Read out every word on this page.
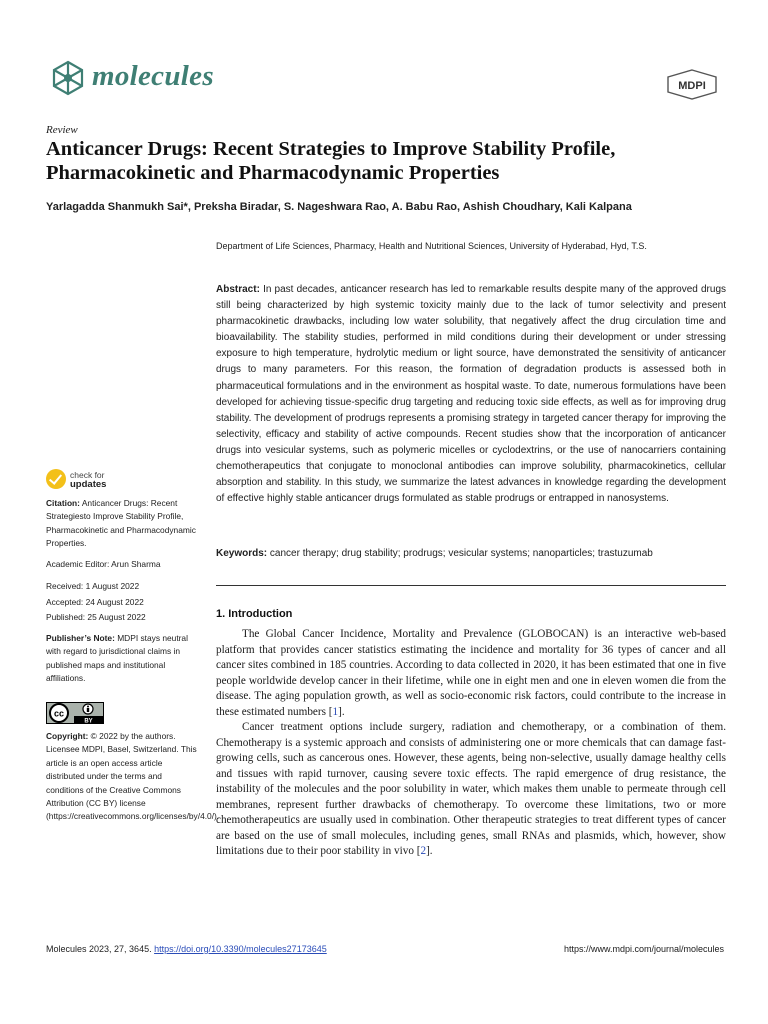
molecules	MDPI
Review
Anticancer Drugs: Recent Strategies to Improve Stability Profile, Pharmacokinetic and Pharmacodynamic Properties
Yarlagadda Shanmukh Sai*, Preksha Biradar, S. Nageshwara Rao, A. Babu Rao, Ashish Choudhary, Kali Kalpana
Department of Life Sciences, Pharmacy, Health and Nutritional Sciences, University of Hyderabad, Hyd, T.S.
Abstract: In past decades, anticancer research has led to remarkable results despite many of the approved drugs still being characterized by high systemic toxicity mainly due to the lack of tumor selectivity and present pharmacokinetic drawbacks, including low water solubility, that negatively affect the drug circulation time and bioavailability. The stability studies, performed in mild conditions during their development or under stressing exposure to high temperature, hydrolytic medium or light source, have demonstrated the sensitivity of anticancer drugs to many parameters. For this reason, the formation of degradation products is assessed both in pharmaceutical formulations and in the environment as hospital waste. To date, numerous formulations have been developed for achieving tissue-specific drug targeting and reducing toxic side effects, as well as for improving drug stability. The development of prodrugs represents a promising strategy in targeted cancer therapy for improving the selectivity, efficacy and stability of active compounds. Recent studies show that the incorporation of anticancer drugs into vesicular systems, such as polymeric micelles or cyclodextrins, or the use of nanocarriers containing chemotherapeutics that conjugate to monoclonal antibodies can improve solubility, pharmacokinetics, cellular absorption and stability. In this study, we summarize the latest advances in knowledge regarding the development of effective highly stable anticancer drugs formulated as stable prodrugs or entrapped in nanosystems.
Keywords: cancer therapy; drug stability; prodrugs; vesicular systems; nanoparticles; trastuzumab
check for
updates
Citation: Anticancer Drugs: Recent Strategiesto Improve Stability Profile, Pharmacokinetic and Pharmacodynamic Properties.
Academic Editor: Arun Sharma
Received: 1 August 2022
Accepted: 24 August 2022
Published: 25 August 2022
Publisher’s Note: MDPI stays neutral with regard to jurisdictional claims in published maps and institutional affiliations.
cc
BY
Copyright: © 2022 by the authors. Licensee MDPI, Basel, Switzerland. This article is an open access article distributed under the terms and conditions of the Creative Commons Attribution (CC BY) license (https://creativecommons.org/licenses/by/4.0/).
1. Introduction

The Global Cancer Incidence, Mortality and Prevalence (GLOBOCAN) is an interactive web-based platform that provides cancer statistics estimating the incidence and mortality for 36 types of cancer and all cancer sites combined in 185 countries. According to data collected in 2020, it has been estimated that one in five people worldwide develop cancer in their lifetime, while one in eight men and one in eleven women die from the disease. The aging population growth, as well as socio-economic risk factors, could contribute to the increase in these estimated numbers [1].

Cancer treatment options include surgery, radiation and chemotherapy, or a combination of them. Chemotherapy is a systemic approach and consists of administering one or more chemicals that can damage fast-growing cells, such as cancerous ones. However, these agents, being non-selective, usually damage healthy cells and tissues with rapid turnover, causing severe toxic effects. The rapid emergence of drug resistance, the instability of the molecules and the poor solubility in water, which makes them unable to permeate through cell membranes, represent further drawbacks of chemotherapy. To overcome these limitations, two or more chemotherapeutics are usually used in combination. Other therapeutic strategies to treat different types of cancer are based on the use of small molecules, including genes, small RNAs and plasmids, which, however, show limitations due to their poor stability in vivo [2].

Molecules 2023, 27, 3645. https://doi.org/10.3390/molecules27173645	https://www.mdpi.com/journal/molecules
